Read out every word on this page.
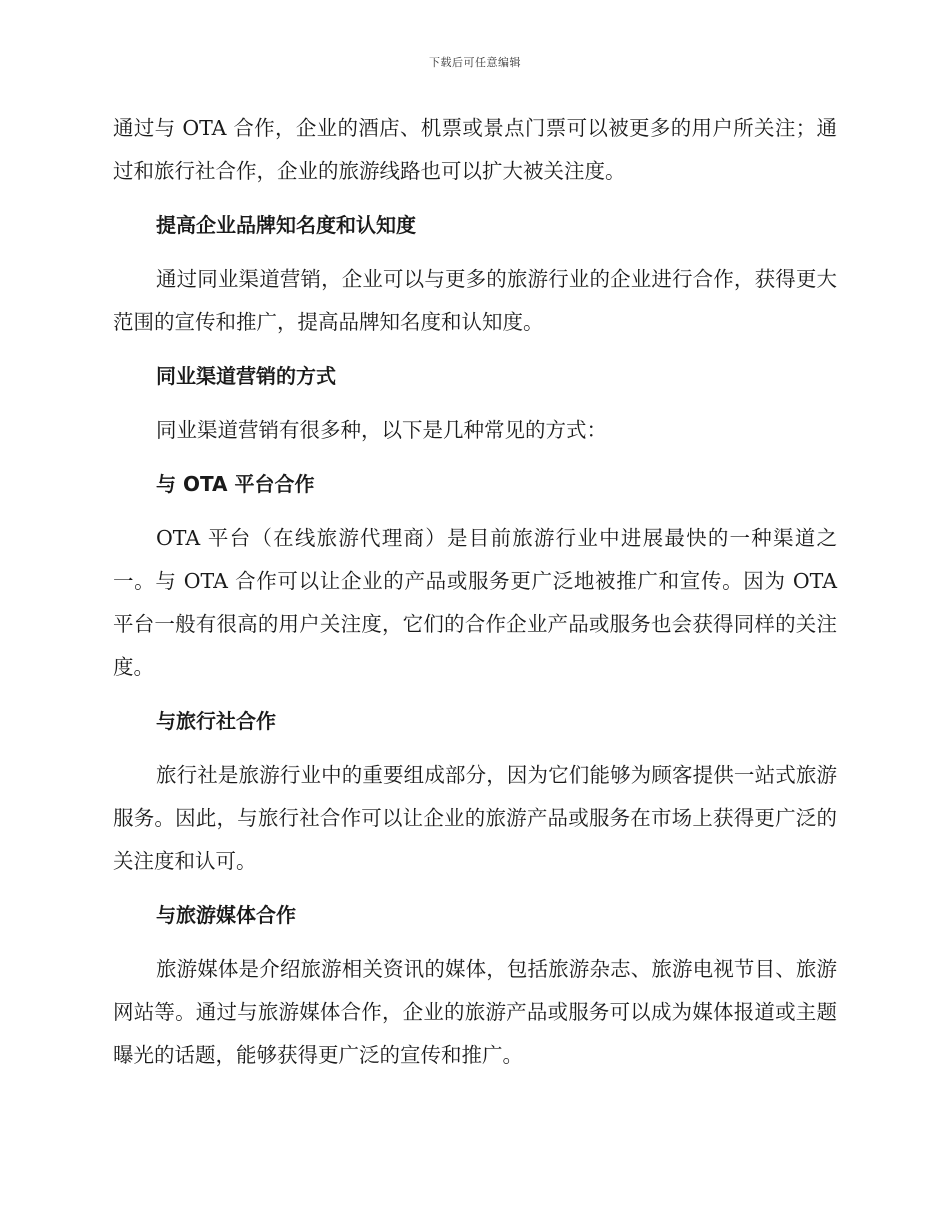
下载后可任意编辑

通过与 OTA 合作，企业的酒店、机票或景点门票可以被更多的用户所关注；通过和旅行社合作，企业的旅游线路也可以扩大被关注度。

提高企业品牌知名度和认知度

通过同业渠道营销，企业可以与更多的旅游行业的企业进行合作，获得更大范围的宣传和推广，提高品牌知名度和认知度。

同业渠道营销的方式

同业渠道营销有很多种，以下是几种常见的方式：

与 OTA 平台合作

OTA 平台（在线旅游代理商）是目前旅游行业中进展最快的一种渠道之一。与 OTA 合作可以让企业的产品或服务更广泛地被推广和宣传。因为 OTA 平台一般有很高的用户关注度，它们的合作企业产品或服务也会获得同样的关注度。

与旅行社合作

旅行社是旅游行业中的重要组成部分，因为它们能够为顾客提供一站式旅游服务。因此，与旅行社合作可以让企业的旅游产品或服务在市场上获得更广泛的关注度和认可。

与旅游媒体合作

旅游媒体是介绍旅游相关资讯的媒体，包括旅游杂志、旅游电视节目、旅游网站等。通过与旅游媒体合作，企业的旅游产品或服务可以成为媒体报道或主题曝光的话题，能够获得更广泛的宣传和推广。
